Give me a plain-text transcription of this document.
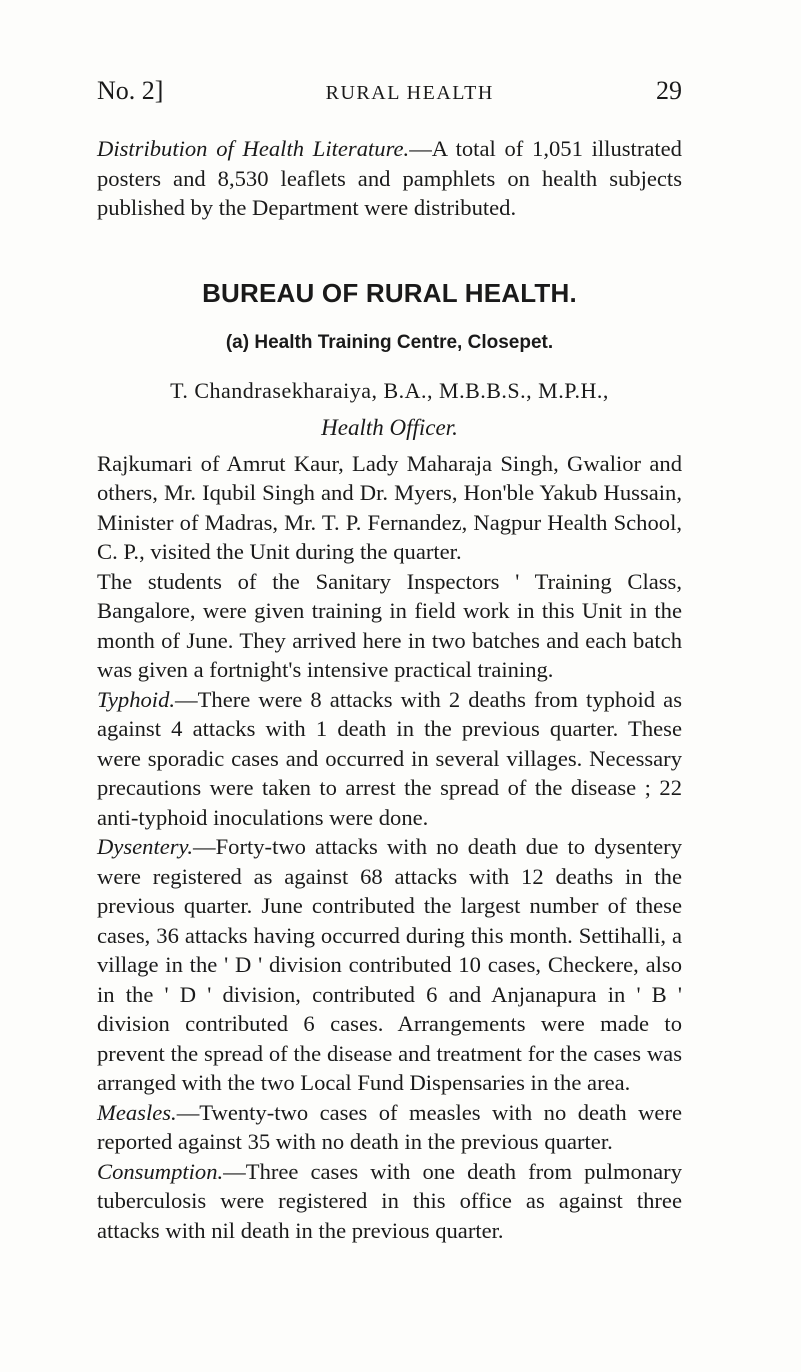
No. 2]	RURAL HEALTH	29

Distribution of Health Literature.—A total of 1,051 illustrated posters and 8,530 leaflets and pamphlets on health subjects published by the Department were distributed.

BUREAU OF RURAL HEALTH.
(a) Health Training Centre, Closepet.
T. Chandrasekharaiya, B.A., M.B.B.S., M.P.H.,
Health Officer.

Rajkumari of Amrut Kaur, Lady Maharaja Singh, Gwalior and others, Mr. Iqubil Singh and Dr. Myers, Hon'ble Yakub Hussain, Minister of Madras, Mr. T. P. Fernandez, Nagpur Health School, C. P., visited the Unit during the quarter.

The students of the Sanitary Inspectors ' Training Class, Bangalore, were given training in field work in this Unit in the month of June. They arrived here in two batches and each batch was given a fortnight's intensive practical training.

Typhoid.—There were 8 attacks with 2 deaths from typhoid as against 4 attacks with 1 death in the previous quarter. These were sporadic cases and occurred in several villages. Necessary precautions were taken to arrest the spread of the disease ; 22 anti-typhoid inoculations were done.

Dysentery.—Forty-two attacks with no death due to dysentery were registered as against 68 attacks with 12 deaths in the previous quarter. June contributed the largest number of these cases, 36 attacks having occurred during this month. Settihalli, a village in the ' D ' division contributed 10 cases, Checkere, also in the ' D ' division, contributed 6 and Anjanapura in ' B ' division contributed 6 cases. Arrangements were made to prevent the spread of the disease and treatment for the cases was arranged with the two Local Fund Dispensaries in the area.

Measles.—Twenty-two cases of measles with no death were reported against 35 with no death in the previous quarter.

Consumption.—Three cases with one death from pulmonary tuberculosis were registered in this office as against three attacks with nil death in the previous quarter.
